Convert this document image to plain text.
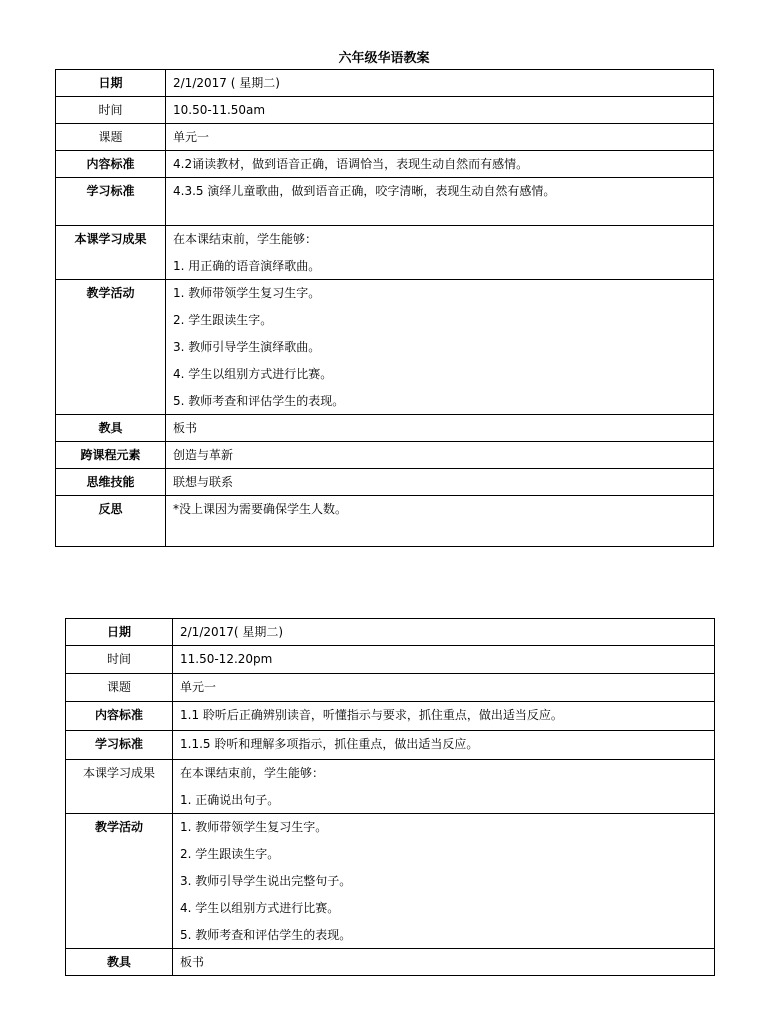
六年级华语教案
日期	2/1/2017 ( 星期二)
时间	10.50-11.50am
课题	单元一
内容标准	4.2诵读教材，做到语音正确，语调恰当，表现生动自然而有感情。
学习标准	4.3.5 演绎儿童歌曲，做到语音正确，咬字清晰，表现生动自然有感情。
本课学习成果	在本课结束前，学生能够：
1. 用正确的语音演绎歌曲。

教学活动	1. 教师带领学生复习生字。
2. 学生跟读生字。
3. 教师引导学生演绎歌曲。
4. 学生以组别方式进行比赛。
5. 教师考查和评估学生的表现。

教具	板书
跨课程元素	创造与革新
思维技能	联想与联系
反思	*没上课因为需要确保学生人数。
日期	2/1/2017( 星期二)
时间	11.50-12.20pm
课题	单元一
内容标准	1.1 聆听后正确辨别读音，听懂指示与要求，抓住重点，做出适当反应。
学习标准	1.1.5 聆听和理解多项指示，抓住重点，做出适当反应。
本课学习成果	在本课结束前，学生能够：
1. 正确说出句子。

教学活动	1. 教师带领学生复习生字。
2. 学生跟读生字。
3. 教师引导学生说出完整句子。
4. 学生以组别方式进行比赛。
5. 教师考查和评估学生的表现。

教具	板书
